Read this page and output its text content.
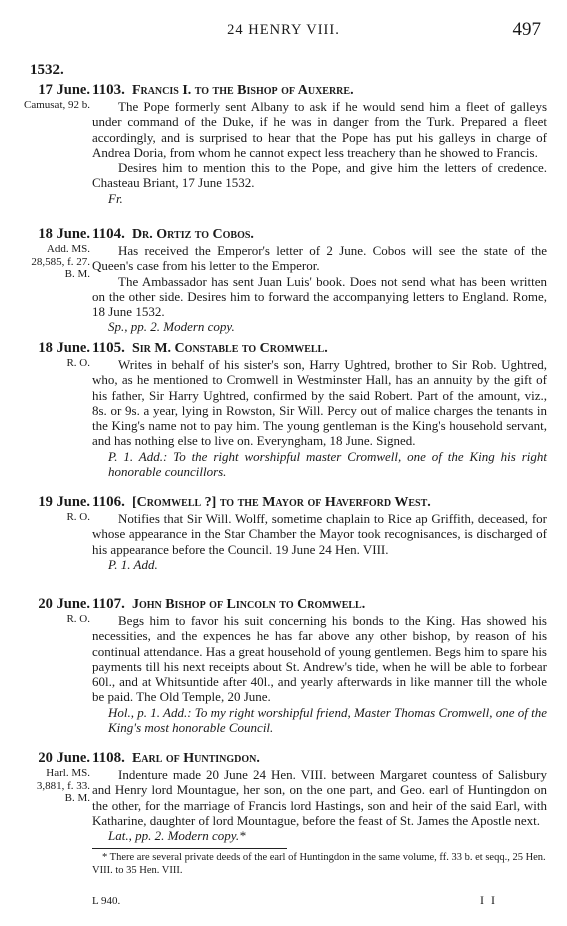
24 HENRY VIII.	497
1532.
17 June.
Camusat, 92 b.
1103. Francis I. to the Bishop of Auxerre.

The Pope formerly sent Albany to ask if he would send him a fleet of galleys under command of the Duke, if he was in danger from the Turk. Prepared a fleet accordingly, and is surprised to hear that the Pope has put his galleys in charge of Andrea Doria, from whom he cannot expect less treachery than he showed to Francis.

Desires him to mention this to the Pope, and give him the letters of credence. Chasteau Briant, 17 June 1532.

Fr.

18 June.
Add. MS.
28,585, f. 27.
B. M.
1104. Dr. Ortiz to Cobos.

Has received the Emperor's letter of 2 June. Cobos will see the state of the Queen's case from his letter to the Emperor.

The Ambassador has sent Juan Luis' book. Does not send what has been written on the other side. Desires him to forward the accompanying letters to England. Rome, 18 June 1532.

Sp., pp. 2. Modern copy.

18 June.
R. O.
1105. Sir M. Constable to Cromwell.

Writes in behalf of his sister's son, Harry Ughtred, brother to Sir Rob. Ughtred, who, as he mentioned to Cromwell in Westminster Hall, has an annuity by the gift of his father, Sir Harry Ughtred, confirmed by the said Robert. Part of the amount, viz., 8s. or 9s. a year, lying in Rowston, Sir Will. Percy out of malice charges the tenants in the King's name not to pay him. The young gentleman is the King's household servant, and has nothing else to live on. Everyngham, 18 June. Signed.

P. 1. Add.: To the right worshipful master Cromwell, one of the King his right honorable councillors.

19 June.
R. O.
1106. [Cromwell ?] to the Mayor of Haverford West.

Notifies that Sir Will. Wolff, sometime chaplain to Rice ap Griffith, deceased, for whose appearance in the Star Chamber the Mayor took recognisances, is discharged of his appearance before the Council. 19 June 24 Hen. VIII.

P. 1. Add.

20 June.
R. O.
1107. John Bishop of Lincoln to Cromwell.

Begs him to favor his suit concerning his bonds to the King. Has showed his necessities, and the expences he has far above any other bishop, by reason of his continual attendance. Has a great household of young gentlemen. Begs him to spare his payments till his next receipts about St. Andrew's tide, when he will be able to forbear 60l., and at Whitsuntide after 40l., and yearly afterwards in like manner till the whole be paid. The Old Temple, 20 June.

Hol., p. 1. Add.: To my right worshipful friend, Master Thomas Cromwell, one of the King's most honorable Council.

20 June.
Harl. MS.
3,881, f. 33.
B. M.
1108. Earl of Huntingdon.

Indenture made 20 June 24 Hen. VIII. between Margaret countess of Salisbury and Henry lord Mountague, her son, on the one part, and Geo. earl of Huntingdon on the other, for the marriage of Francis lord Hastings, son and heir of the said Earl, with Katharine, daughter of lord Mountague, before the feast of St. James the Apostle next.

Lat., pp. 2. Modern copy.*

* There are several private deeds of the earl of Huntingdon in the same volume, ff. 33 b. et seqq., 25 Hen. VIII. to 35 Hen. VIII.
L 940.	I I
